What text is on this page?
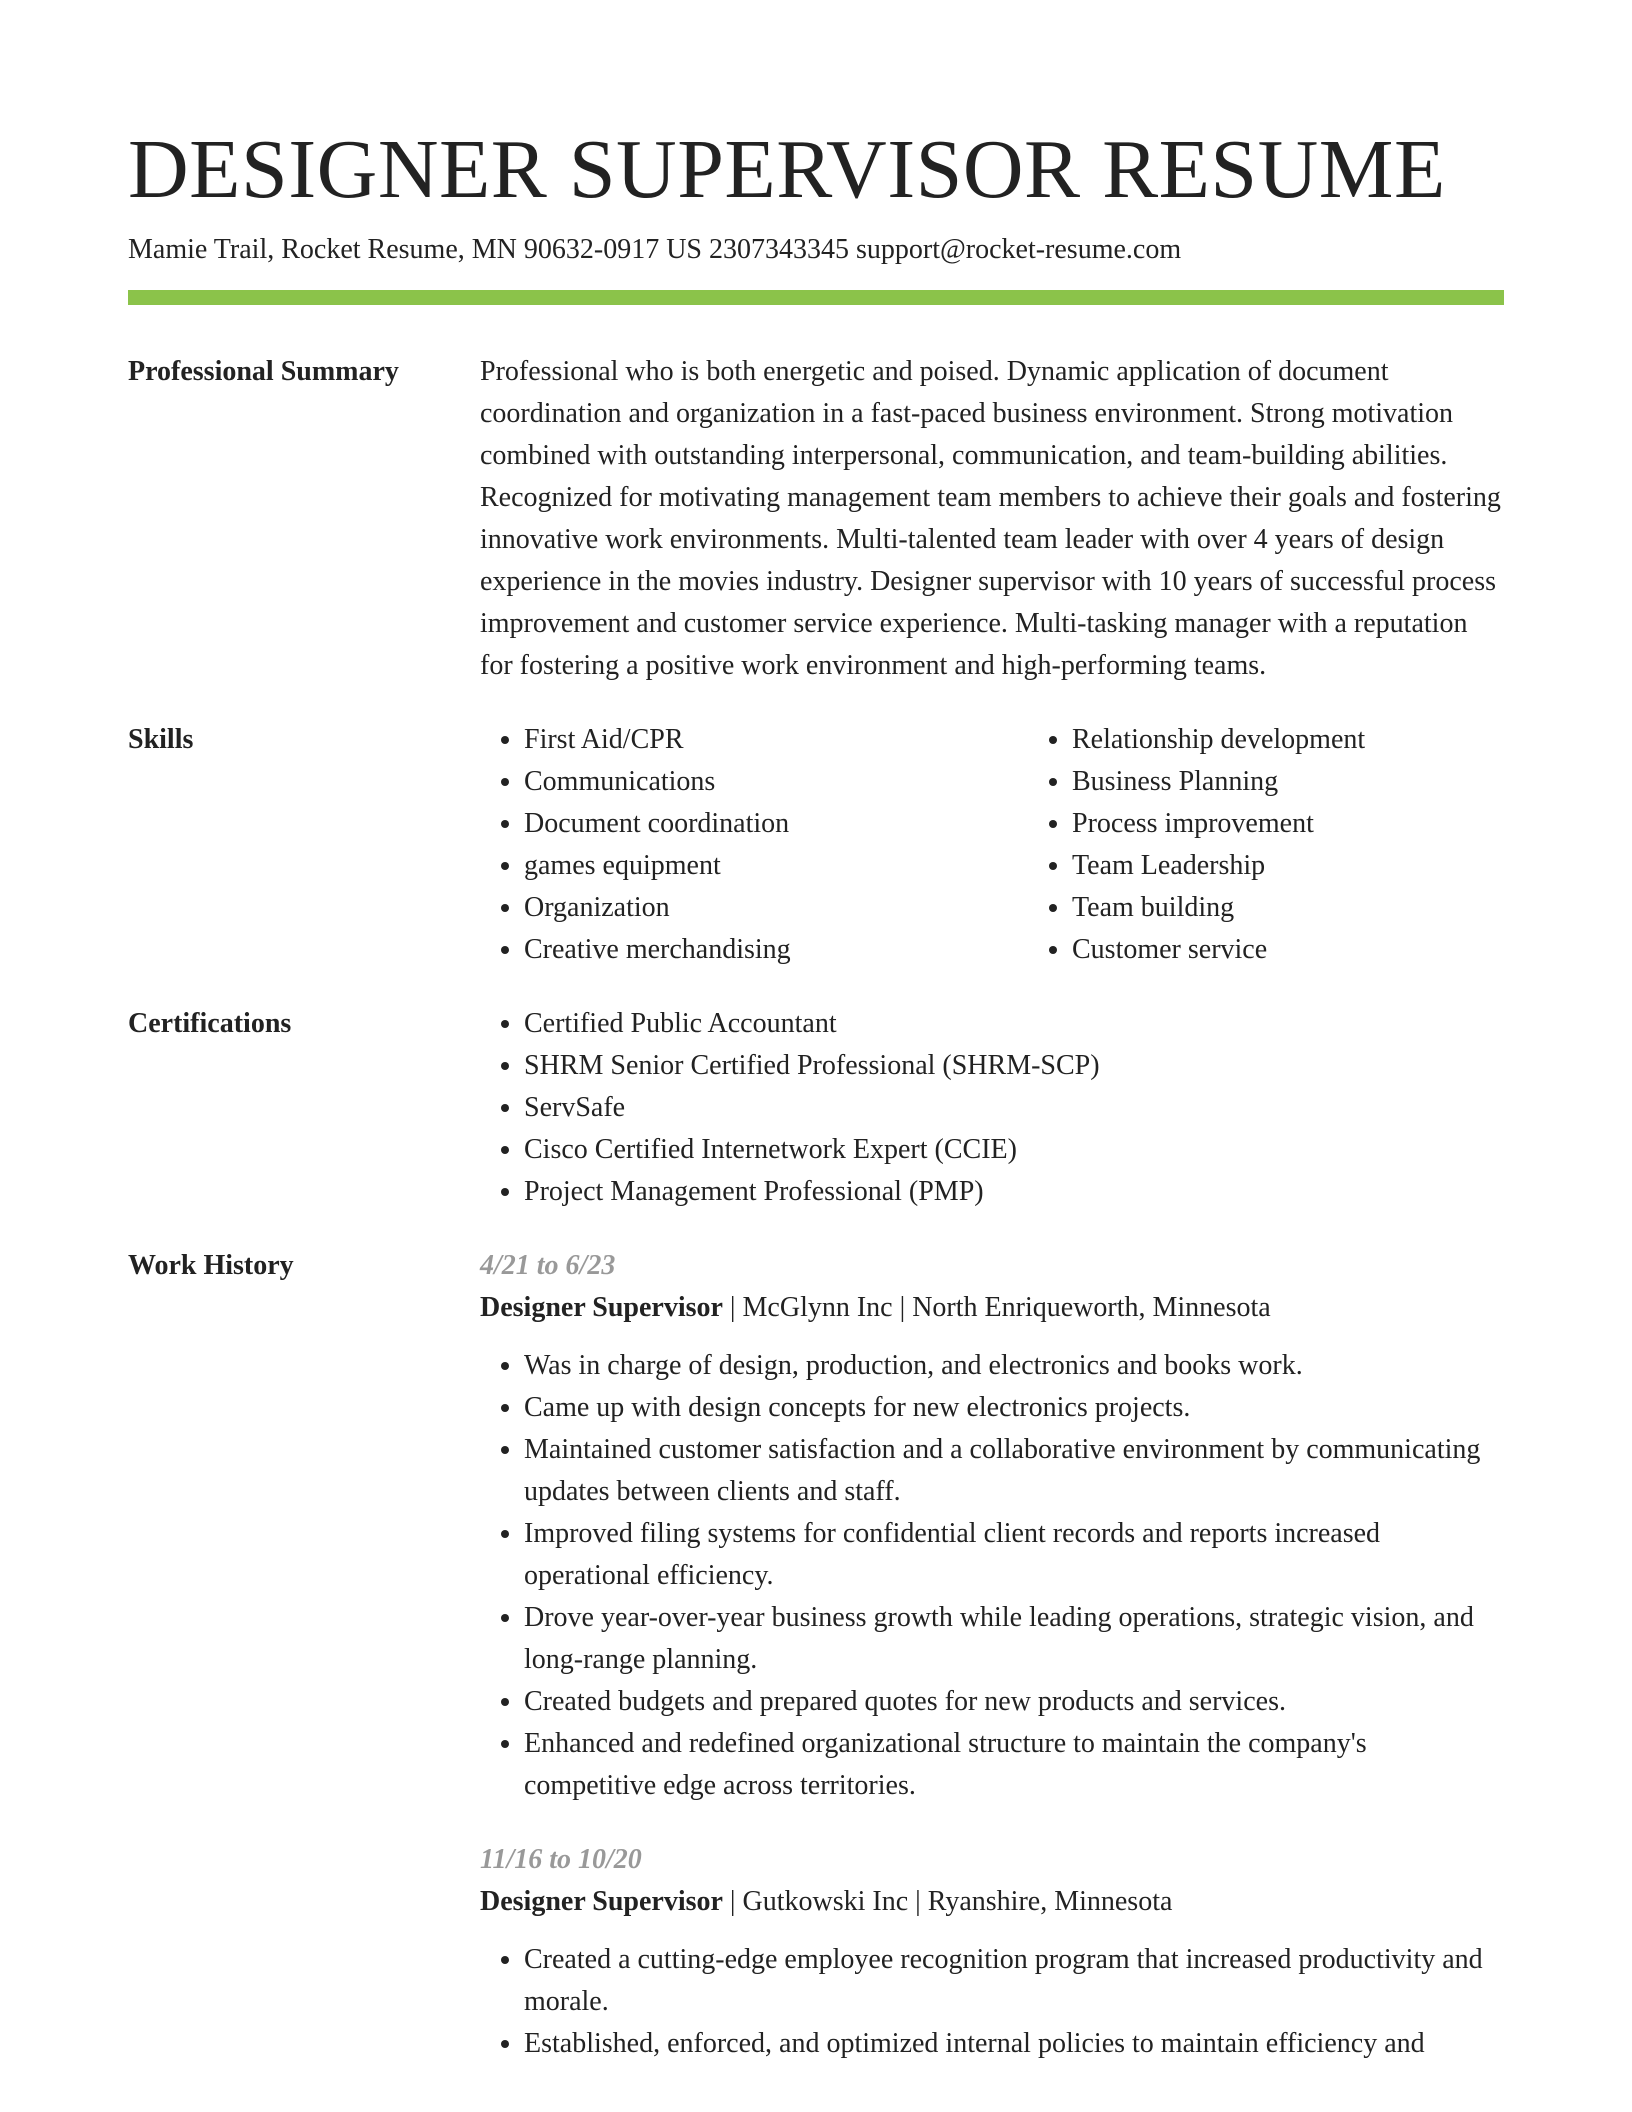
DESIGNER SUPERVISOR RESUME
Mamie Trail, Rocket Resume, MN 90632-0917 US 2307343345 support@rocket-resume.com
Professional Summary	Professional who is both energetic and poised. Dynamic application of document coordination and organization in a fast-paced business environment. Strong motivation combined with outstanding interpersonal, communication, and team-building abilities. Recognized for motivating management team members to achieve their goals and fostering innovative work environments. Multi-talented team leader with over 4 years of design experience in the movies industry. Designer supervisor with 10 years of successful process improvement and customer service experience. Multi-tasking manager with a reputation for fostering a positive work environment and high-performing teams.

Skills	• First Aid/CPR
• Communications
• Document coordination
• games equipment
• Organization
• Creative merchandising
• Relationship development
• Business Planning
• Process improvement
• Team Leadership
• Team building
• Customer service
Certifications	• Certified Public Accountant
• SHRM Senior Certified Professional (SHRM-SCP)
• ServSafe
• Cisco Certified Internetwork Expert (CCIE)
• Project Management Professional (PMP)
Work History	4/21 to 6/23
Designer Supervisor | McGlynn Inc | North Enriqueworth, Minnesota
• Was in charge of design, production, and electronics and books work.
• Came up with design concepts for new electronics projects.
• Maintained customer satisfaction and a collaborative environment by communicating updates between clients and staff.
• Improved filing systems for confidential client records and reports increased operational efficiency.
• Drove year-over-year business growth while leading operations, strategic vision, and long-range planning.
• Created budgets and prepared quotes for new products and services.
• Enhanced and redefined organizational structure to maintain the company's competitive edge across territories.
11/16 to 10/20
Designer Supervisor | Gutkowski Inc | Ryanshire, Minnesota
• Created a cutting-edge employee recognition program that increased productivity and morale.
• Established, enforced, and optimized internal policies to maintain efficiency and
